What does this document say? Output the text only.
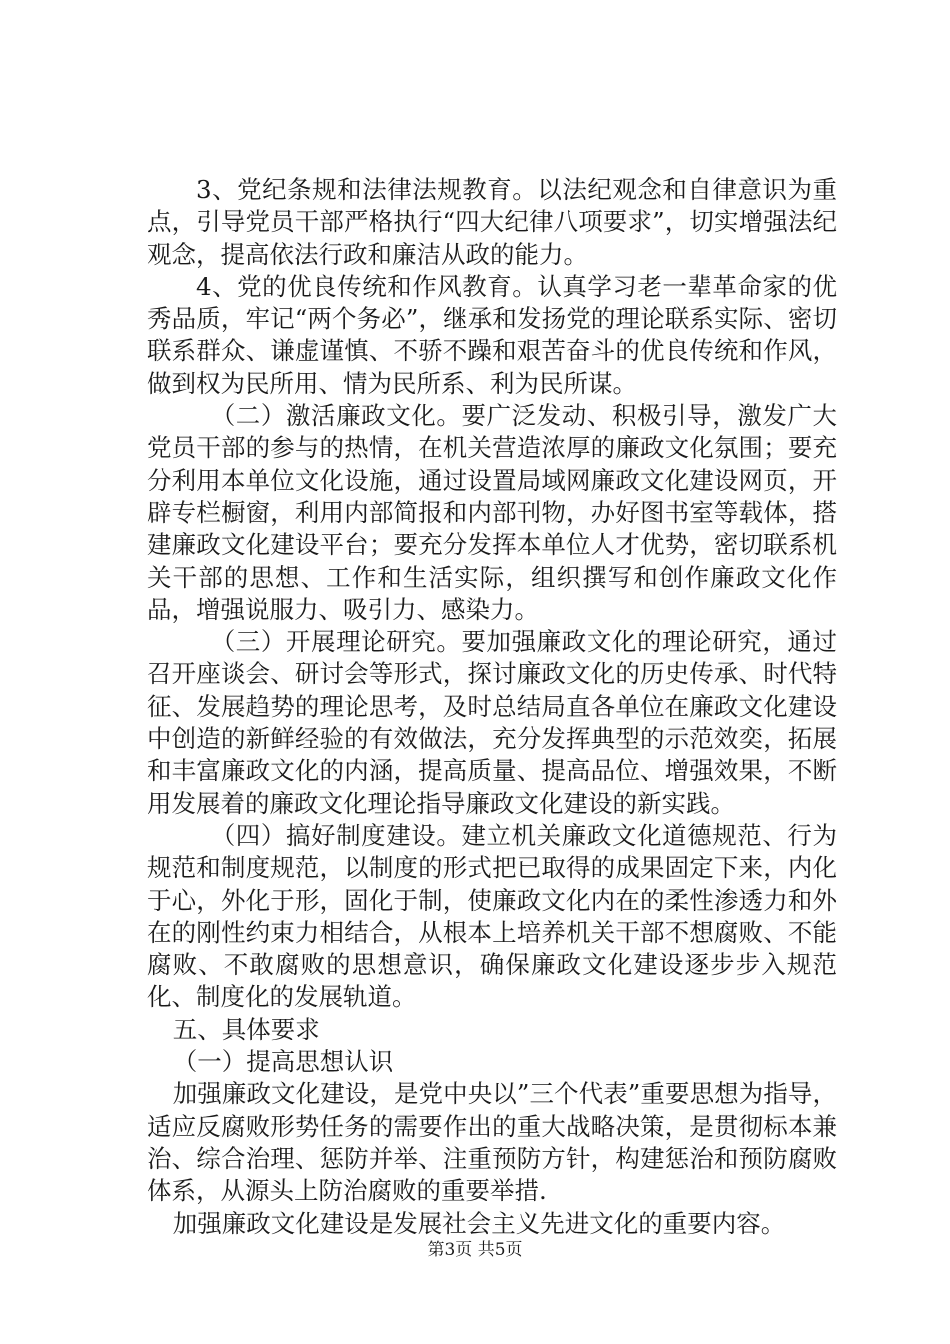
3、党纪条规和法律法规教育。以法纪观念和自律意识为重点，引导党员干部严格执行“四大纪律八项要求”，切实增强法纪观念，提高依法行政和廉洁从政的能力。

4、党的优良传统和作风教育。认真学习老一辈革命家的优秀品质，牢记“两个务必”，继承和发扬党的理论联系实际、密切联系群众、谦虚谨慎、不骄不躁和艰苦奋斗的优良传统和作风，做到权为民所用、情为民所系、利为民所谋。

（二）激活廉政文化。要广泛发动、积极引导，激发广大党员干部的参与的热情，在机关营造浓厚的廉政文化氛围；要充分利用本单位文化设施，通过设置局域网廉政文化建设网页，开辟专栏橱窗，利用内部简报和内部刊物，办好图书室等载体，搭建廉政文化建设平台；要充分发挥本单位人才优势，密切联系机关干部的思想、工作和生活实际，组织撰写和创作廉政文化作品，增强说服力、吸引力、感染力。

（三）开展理论研究。要加强廉政文化的理论研究，通过召开座谈会、研讨会等形式，探讨廉政文化的历史传承、时代特征、发展趋势的理论思考，及时总结局直各单位在廉政文化建设中创造的新鲜经验的有效做法，充分发挥典型的示范效奕，拓展和丰富廉政文化的内涵，提高质量、提高品位、增强效果，不断用发展着的廉政文化理论指导廉政文化建设的新实践。

（四）搞好制度建设。建立机关廉政文化道德规范、行为规范和制度规范，以制度的形式把已取得的成果固定下来，内化于心，外化于形，固化于制，使廉政文化内在的柔性渗透力和外在的刚性约束力相结合，从根本上培养机关干部不想腐败、不能腐败、不敢腐败的思想意识，确保廉政文化建设逐步步入规范化、制度化的发展轨道。

五、具体要求

（一）提高思想认识

加强廉政文化建设，是党中央以”三个代表”重要思想为指导，适应反腐败形势任务的需要作出的重大战略决策，是贯彻标本兼治、综合治理、惩防并举、注重预防方针，构建惩治和预防腐败体系，从源头上防治腐败的重要举措.

加强廉政文化建设是发展社会主义先进文化的重要内容。

第3页 共5页
